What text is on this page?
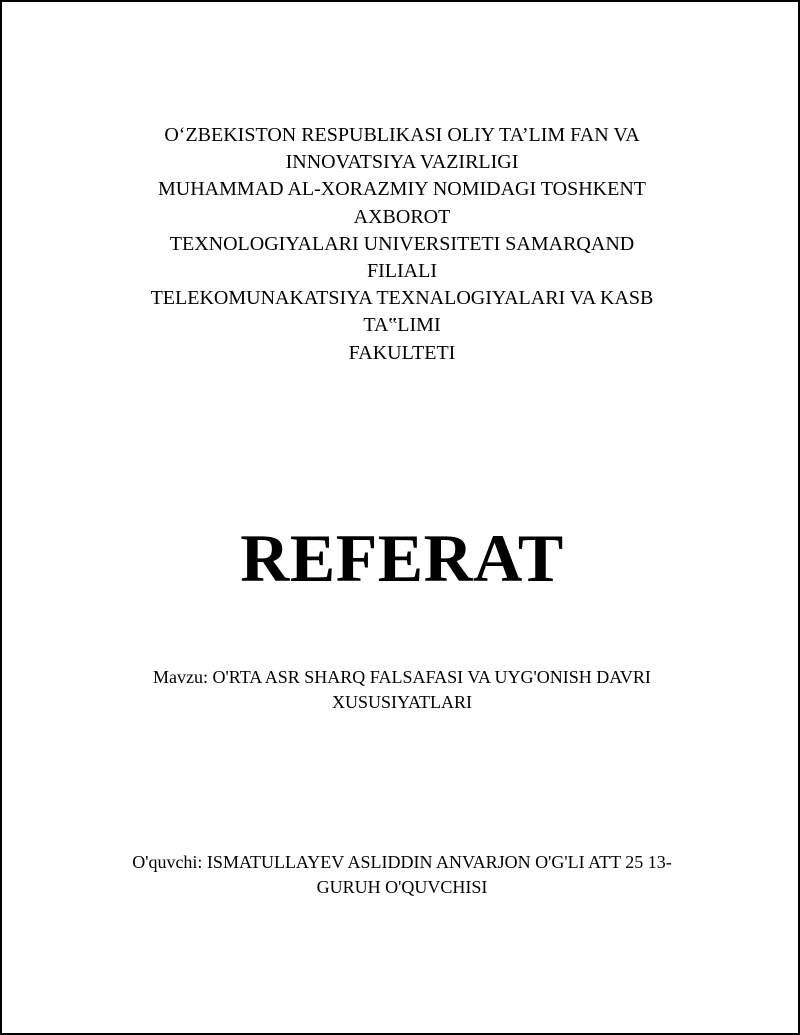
O‘ZBEKISTON RESPUBLIKASI OLIY TA’LIM FAN VA
INNOVATSIYA VAZIRLIGI
MUHAMMAD AL-XORAZMIY NOMIDAGI TOSHKENT
AXBOROT
TEXNOLOGIYALARI UNIVERSITETI SAMARQAND
FILIALI
TELEKOMUNAKATSIYA TEXNALOGIYALARI VA KASB
TA‟LIMI
FAKULTETI
REFERAT
Mavzu: O'RTA ASR SHARQ FALSAFASI VA UYG'ONISH DAVRI
XUSUSIYATLARI
O'quvchi: ISMATULLAYEV ASLIDDIN ANVARJON O'G'LI ATT 25 13-
GURUH O'QUVCHISI
